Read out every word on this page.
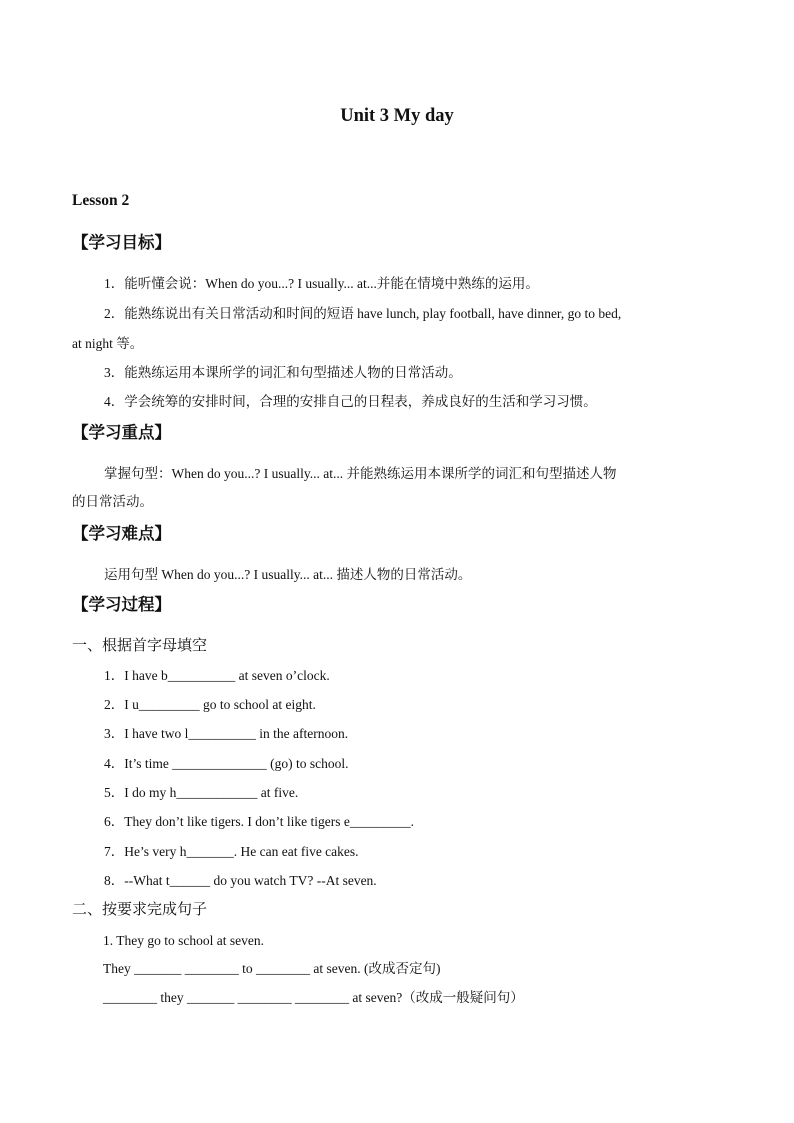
Unit 3 My day
Lesson 2
【学习目标】
1．能听懂会说：When do you...? I usually... at...并能在情境中熟练的运用。
2．能熟练说出有关日常活动和时间的短语 have lunch, play football, have dinner, go to bed,
at night 等。
3．能熟练运用本课所学的词汇和句型描述人物的日常活动。
4．学会统筹的安排时间，合理的安排自己的日程表，养成良好的生活和学习习惯。
【学习重点】
掌握句型：When do you...? I usually... at... 并能熟练运用本课所学的词汇和句型描述人物
的日常活动。
【学习难点】
运用句型 When do you...? I usually... at... 描述人物的日常活动。
【学习过程】
一、根据首字母填空
1．I have b__________ at seven o’clock.
2．I u_________ go to school at eight.
3．I have two l__________ in the afternoon.
4．It’s time ______________ (go) to school.
5．I do my h____________ at five.
6．They don’t like tigers. I don’t like tigers e_________.
7．He’s very h_______. He can eat five cakes.
8．--What t______ do you watch TV? --At seven.
二、按要求完成句子
1. They go to school at seven.
They _______ ________ to ________ at seven. (改成否定句)
________ they _______ ________ ________ at seven?（改成一般疑问句）
